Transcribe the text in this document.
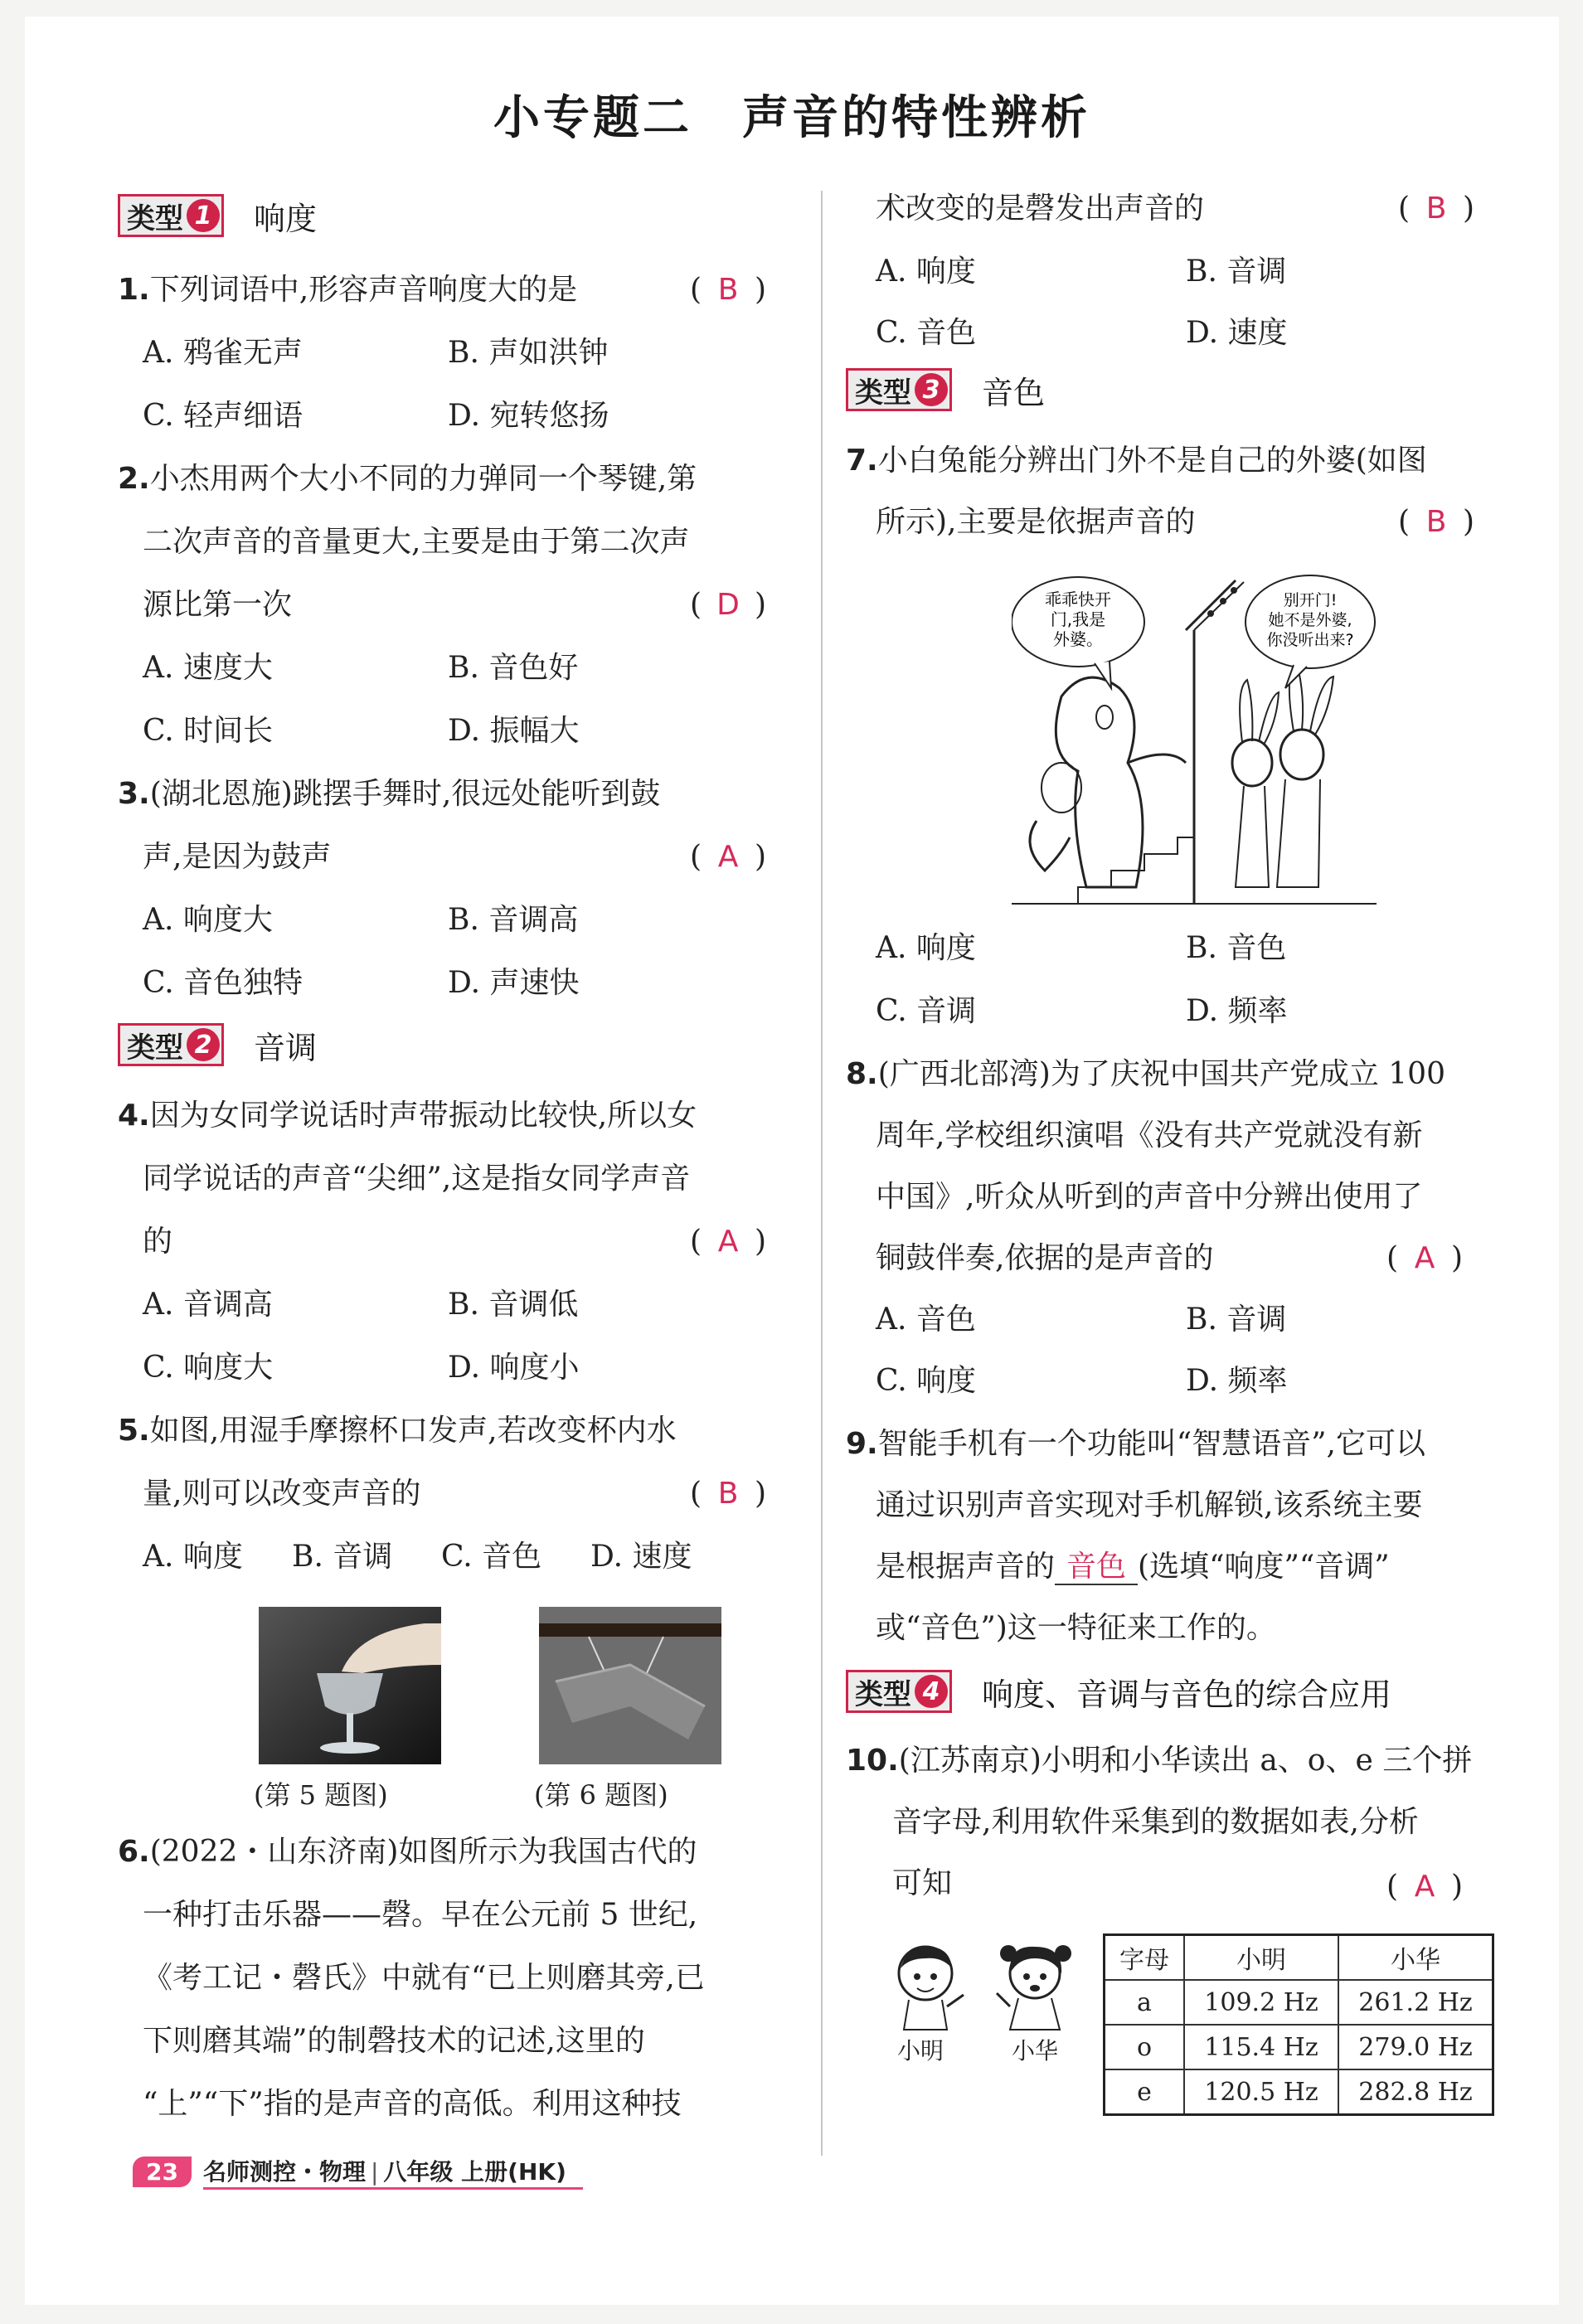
小专题二　声音的特性辨析
类型 1 响度
1.下列词语中,形容声音响度大的是	( B )
A. 鸦雀无声	B. 声如洪钟
C. 轻声细语	D. 宛转悠扬
2.小杰用两个大小不同的力弹同一个琴键,第
二次声音的音量更大,主要是由于第二次声
源比第一次	( D )
A. 速度大	B. 音色好
C. 时间长	D. 振幅大
3.(湖北恩施)跳摆手舞时,很远处能听到鼓
声,是因为鼓声	( A )
A. 响度大	B. 音调高
C. 音色独特	D. 声速快
类型 2 音调
4.因为女同学说话时声带振动比较快,所以女
同学说话的声音“尖细”,这是指女同学声音
的	( A )
A. 音调高	B. 音调低
C. 响度大	D. 响度小
5.如图,用湿手摩擦杯口发声,若改变杯内水
量,则可以改变声音的	( B )
A. 响度 B. 音调 C. 音色 D. 速度
(第 5 题图)	(第 6 题图)
6.(2022・山东济南)如图所示为我国古代的
一种打击乐器——磬。早在公元前 5 世纪,
《考工记・磬氏》中就有“已上则磨其旁,已
下则磨其端”的制磬技术的记述,这里的
“上”“下”指的是声音的高低。利用这种技
术改变的是磬发出声音的	( B )
A. 响度	B. 音调
C. 音色	D. 速度
类型 3 音色
7.小白兔能分辨出门外不是自己的外婆(如图
所示),主要是依据声音的	( B )
乖乖快开
门,我是
外婆。
别开门!
她不是外婆,
你没听出来?
A. 响度	B. 音色
C. 音调	D. 频率
8.(广西北部湾)为了庆祝中国共产党成立 100
周年,学校组织演唱《没有共产党就没有新
中国》,听众从听到的声音中分辨出使用了
铜鼓伴奏,依据的是声音的	( A )
A. 音色	B. 音调
C. 响度	D. 频率
9.智能手机有一个功能叫“智慧语音”,它可以
通过识别声音实现对手机解锁,该系统主要
是根据声音的 音色 (选填“响度”“音调”
或“音色”)这一特征来工作的。
类型 4 响度、音调与音色的综合应用
10.(江苏南京)小明和小华读出 a、o、e 三个拼
音字母,利用软件采集到的数据如表,分析
可知	( A )
小明	小华
字母	小明	小华
a	109.2 Hz	261.2 Hz
o	115.4 Hz	279.0 Hz
e	120.5 Hz	282.8 Hz
23	名师测控・物理 | 八年级 上册(HK)
